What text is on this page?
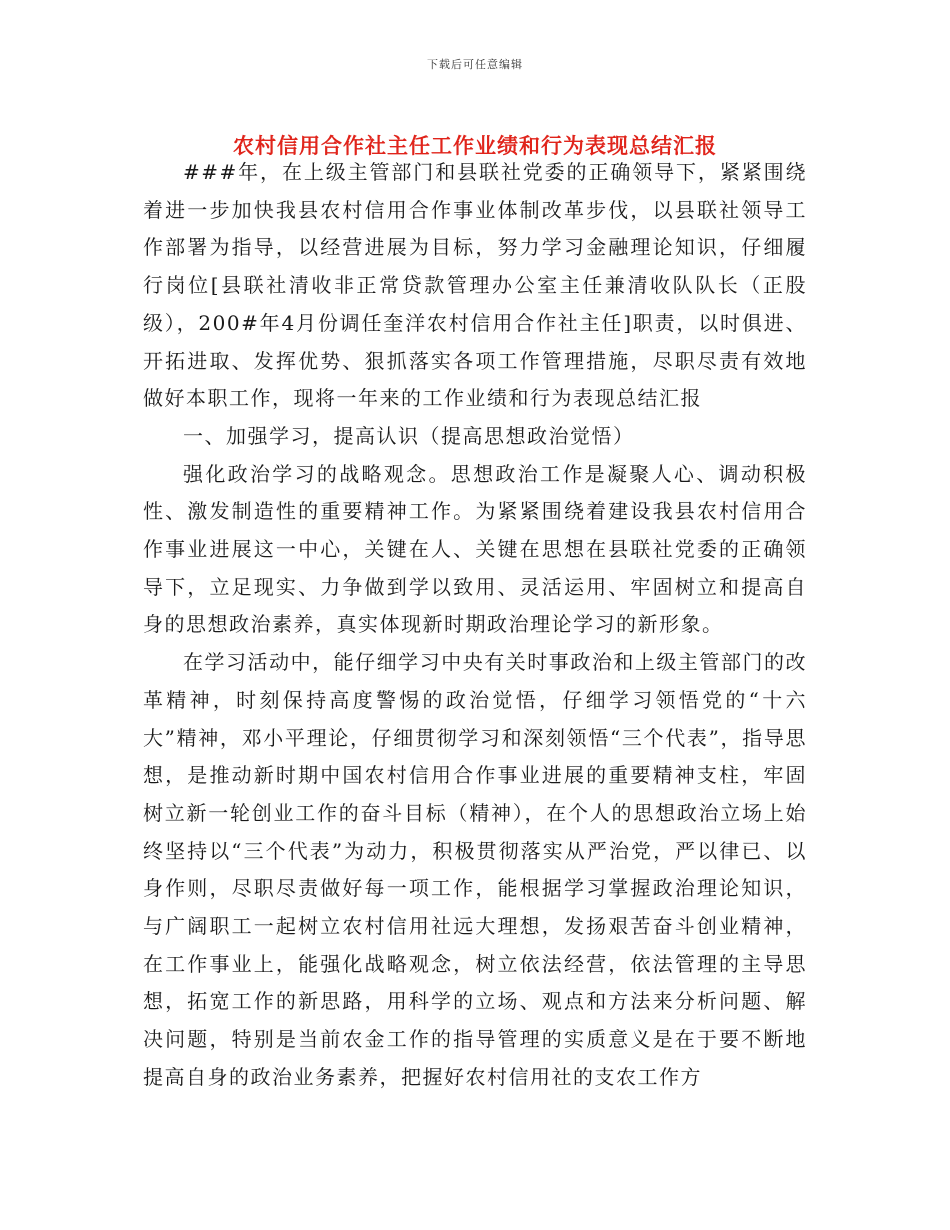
下载后可任意编辑
农村信用合作社主任工作业绩和行为表现总结汇报

###年，在上级主管部门和县联社党委的正确领导下，紧紧围绕着进一步加快我县农村信用合作事业体制改革步伐，以县联社领导工作部署为指导，以经营进展为目标，努力学习金融理论知识，仔细履行岗位[县联社清收非正常贷款管理办公室主任兼清收队队长（正股级），200#年4月份调任奎洋农村信用合作社主任]职责，以时俱进、开拓进取、发挥优势、狠抓落实各项工作管理措施，尽职尽责有效地做好本职工作，现将一年来的工作业绩和行为表现总结汇报

一、加强学习，提高认识（提高思想政治觉悟）

强化政治学习的战略观念。思想政治工作是凝聚人心、调动积极性、激发制造性的重要精神工作。为紧紧围绕着建设我县农村信用合作事业进展这一中心，关键在人、关键在思想在县联社党委的正确领导下，立足现实、力争做到学以致用、灵活运用、牢固树立和提高自身的思想政治素养，真实体现新时期政治理论学习的新形象。

在学习活动中，能仔细学习中央有关时事政治和上级主管部门的改革精神，时刻保持高度警惕的政治觉悟，仔细学习领悟党的“十六大”精神，邓小平理论，仔细贯彻学习和深刻领悟“三个代表”，指导思想，是推动新时期中国农村信用合作事业进展的重要精神支柱，牢固树立新一轮创业工作的奋斗目标（精神），在个人的思想政治立场上始终坚持以“三个代表”为动力，积极贯彻落实从严治党，严以律已、以身作则，尽职尽责做好每一项工作，能根据学习掌握政治理论知识，与广阔职工一起树立农村信用社远大理想，发扬艰苦奋斗创业精神，在工作事业上，能强化战略观念，树立依法经营，依法管理的主导思想，拓宽工作的新思路，用科学的立场、观点和方法来分析问题、解决问题，特别是当前农金工作的指导管理的实质意义是在于要不断地提高自身的政治业务素养，把握好农村信用社的支农工作方
